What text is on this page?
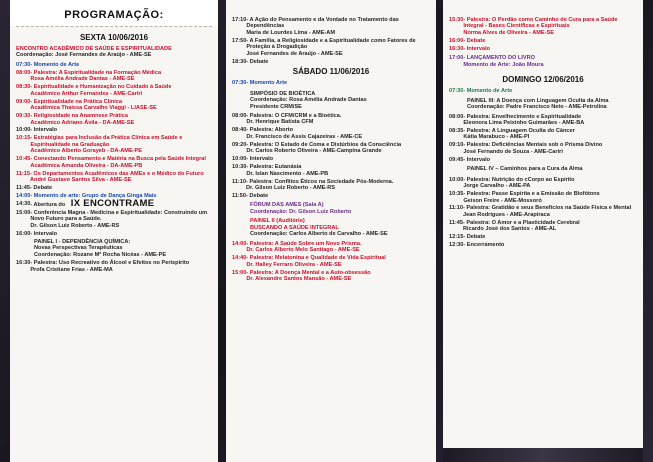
PROGRAMAÇÃO:
SEXTA 10/06/2016
ENCONTRO ACADÊMICO DE SAÚDE E ESPIRITUALIDADE
Coordenação: José Fernandes de Araújo - AME-SE
07:30 - Momento de Arte
08:00 - Palestra: A Espiritualidade na Formação Médica
Rosa Amélia Andrade Dantas - AME-SE
08:30 - Espiritualidade e Humanização no Cuidado à Saúde
Acadêmico Arthur Fernandes - AME-Cariri
09:00 - Espiritualidade na Prática Clínica
Acadêmica Thaissa Carvalho Viaggi - LIASE-SE
09:30 - Religiosidade na Anamnese Prática
Acadêmico Adriano Ávila - DA-AME-SE
10:00 - Intervalo
10:15 - Estratégias para Inclusão da Prática Clínica em Saúde e Espiritualidade na Graduação
Acadêmico Alberto Gorayeb - DA-AME-PE
10:45 - Conectando Pensamento e Matéria na Busca pela Saúde Integral
Acadêmica Amanda Oliveira - DA-AME-PB
11:15 - Os Departamentos Acadêmicos das AMEs e o Médico do Futuro
André Gustavo Santos Silva - AME-SE
11:45 - Debate
14:00 - Momento de arte: Grupo de Dança Ginga Mais
14:30 - Abertura do IX ENCONTRAME
15:00 - Conferência Magna - Medicina e Espiritualidade: Construindo um Novo Futuro para a Saúde.
Dr. Gilson Luiz Roberto - AME-RS
16:00 - Intervalo
PAINEL I - DEPENDÊNCIA QUÍMICA:
Novas Perspectivas Terapêuticas
Coordenação: Rozane Mª Rocha Nicéas - AME-PE
16:30 - Palestra: Uso Recreativo do Álcool e Efeitos no Perispírito
Profa Cristiane Frias - AME-MA
17:10 - A Ação do Pensamento e da Vontade no Tratamento das Dependências
Maria de Lourdes Lima - AME-AM
17:50 - A Família, a Religiosidade e a Espiritualidade como Fatores de Proteção à Drogadição
José Fernandes de Araújo - AME-SE
18:30 - Debate
SÁBADO 11/06/2016
07:30 - Momento Arte
SIMPÓSIO DE BIOÉTICA
Coordenação: Rosa Amélia Andrade Dantas
Presidente CRM/SE
08:00 - Palestra: O CFM/CRM e a Bioética.
Dr. Henrique Batista CFM
08:40 - Palestra: Aborto
Dr. Francisco de Assis Cajazeiras - AME-CE
09:20 - Palestra: O Estado de Coma e Distúrbios da Consciência
Dr. Carlos Roberto Oliveira - AME-Campina Grande
10:00 - Intervalo
10:30 - Palestra: Eutanásia
Dr. Islan Nascimento - AME-PB
11:10 - Palestra: Conflitos Éticos na Sociedade Pós-Moderna.
Dr. Gilson Luiz Roberto - AME-RS
11:50 - Debate
FÓRUM DAS AMES (Sala A)
Coordenação: Dr. Gilson Luiz Roberto
PAINEL II (Auditório)
BUSCANDO A SAÚDE INTEGRAL
Coordenação: Carlos Alberto de Carvalho - AME-SE
14:00 - Palestra: A Saúde Sobre um Novo Prisma.
Dr. Carlos Alberto Melo Santiago - AME-SE
14:40 - Palestra: Melatonina e Qualidade de Vida Espiritual
Dr. Halley Ferraro Oliveira - AME-SE
15:00 - Palestra: A Doença Mental e a Auto-obsessão
Dr. Alexandre Santos Mansão - AME-SE
15:30 - Palestra: O Perdão como Caminho de Cura para a Saúde Integral - Bases Científicas e Espirituais
Norma Alves de Oliveira - AME-SE
16:00 - Debate
16:30 - Intervalo
17:00 - LANÇAMENTO DO LIVRO
Momento de Arte: João Moura
DOMINGO 12/06/2016
07:30 - Momento de Arte
PAINEL III: A Doença com Linguagem Oculta da Alma
Coordenação: Padre Francisco Neto - AME-Petrolina
08:00 - Palestra: Envelhecimento e Espiritualidade
Eleonora Lima Peixinho Guimarães - AME-BA
08:35 - Palestra: A Linguagem Oculta do Câncer
Kátia Marabuco - AME-PI
09:10 - Palestra: Deficiências Mentais sob o Prisma Divino
José Fernando de Souza - AME-Cariri
09:45 - Intervalo
PAINEL IV – Caminhos para a Cura da Alma
10:00 - Palestra: Nutrição do cCorpo ao Espírito
Jorge Carvalho - AME-PA
10:35 - Palestra: Passe Espírita e a Emissão de Biofótons
Geison Freire - AME-Mossoró
11:10 - Palestra: Gratidão e seus Benefícios na Saúde Física e Mental
Jean Rodrigues - AME-Arapiraca
11:45 - Palestra: O Amor e a Plasticidade Cerebral
Ricardo José dos Santos - AME-AL
12:15 - Debate
12:30 - Encerramento
